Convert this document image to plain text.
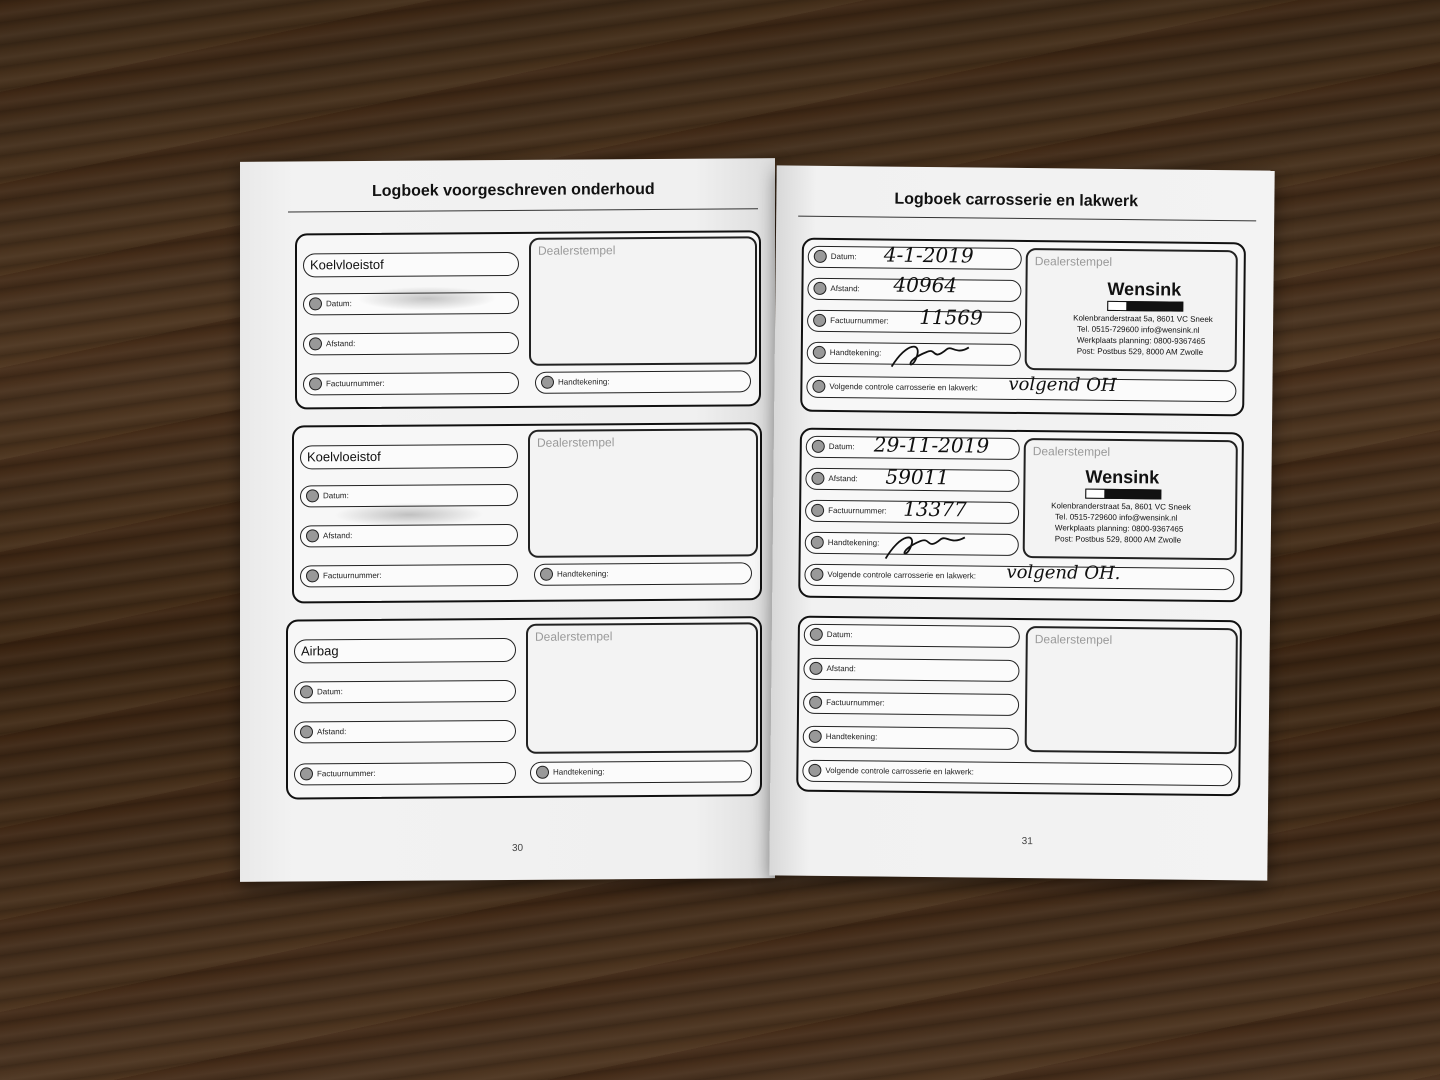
Logboek voorgeschreven onderhoud
Koelvloeistof
Datum:
Afstand:
Factuurnummer:
Dealerstempel
Handtekening:
Koelvloeistof
Datum:
Afstand:
Factuurnummer:
Dealerstempel
Handtekening:
Airbag
Datum:
Afstand:
Factuurnummer:
Dealerstempel
Handtekening:
30
Logboek carrosserie en lakwerk
Datum: 4-1-2019
Afstand: 40964
Factuurnummer: 11569
Handtekening:
Volgende controle carrosserie en lakwerk: volgend OH
Dealerstempel
Wensink
Kolenbranderstraat 5a, 8601 VC Sneek
Tel. 0515-729600 info@wensink.nl
Werkplaats planning: 0800-9367465
Post: Postbus 529, 8000 AM Zwolle
Datum: 29-11-2019
Afstand: 59011
Factuurnummer: 13377
Handtekening:
Volgende controle carrosserie en lakwerk: volgend OH.
Dealerstempel
Wensink
Kolenbranderstraat 5a, 8601 VC Sneek
Tel. 0515-729600 info@wensink.nl
Werkplaats planning: 0800-9367465
Post: Postbus 529, 8000 AM Zwolle
Datum:
Afstand:
Factuurnummer:
Handtekening:
Volgende controle carrosserie en lakwerk:
Dealerstempel
31
